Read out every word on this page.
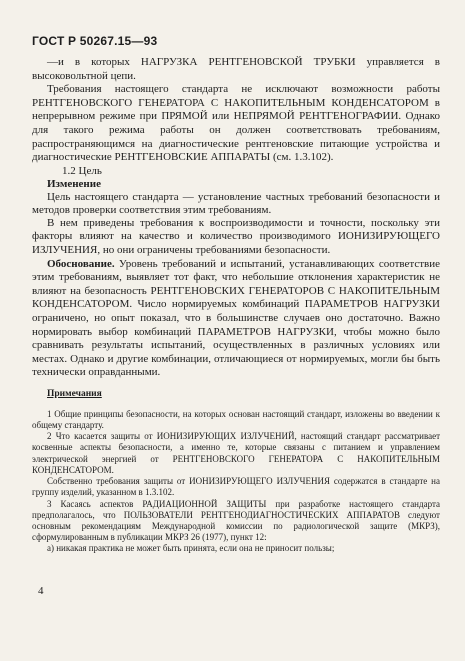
ГОСТ Р 50267.15—93

—и в которых НАГРУЗКА РЕНТГЕНОВСКОЙ ТРУБКИ управляется в высоковольтной цепи.

Требования настоящего стандарта не исключают возможности работы РЕНТГЕНОВСКОГО ГЕНЕРАТОРА С НАКОПИТЕЛЬНЫМ КОНДЕНСАТОРОМ в непрерывном режиме при ПРЯМОЙ или НЕПРЯМОЙ РЕНТГЕНОГРАФИИ. Однако для такого режима работы он должен соответствовать требованиям, распространяющимся на диагностические рентгеновские питающие устройства и диагностические РЕНТГЕНОВСКИЕ АППАРАТЫ (см. 1.3.102).

1.2 Цель

Изменение

Цель настоящего стандарта — установление частных требований безопасности и методов проверки соответствия этим требованиям.

В нем приведены требования к воспроизводимости и точности, поскольку эти факторы влияют на качество и количество производимого ИОНИЗИРУЮЩЕГО ИЗЛУЧЕНИЯ, но они ограничены требованиями безопасности.

Обоснование. Уровень требований и испытаний, устанавливающих соответствие этим требованиям, выявляет тот факт, что небольшие отклонения характеристик не влияют на безопасность РЕНТГЕНОВСКИХ ГЕНЕРАТОРОВ С НАКОПИТЕЛЬНЫМ КОНДЕНСАТОРОМ. Число нормируемых комбинаций ПАРАМЕТРОВ НАГРУЗКИ ограничено, но опыт показал, что в большинстве случаев оно достаточно. Важно нормировать выбор комбинаций ПАРАМЕТРОВ НАГРУЗКИ, чтобы можно было сравнивать результаты испытаний, осуществленных в различных условиях или местах. Однако и другие комбинации, отличающиеся от нормируемых, могли бы быть технически оправданными.

Примечания

1 Общие принципы безопасности, на которых основан настоящий стандарт, изложены во введении к общему стандарту.

2 Что касается защиты от ИОНИЗИРУЮЩИХ ИЗЛУЧЕНИЙ, настоящий стандарт рассматривает косвенные аспекты безопасности, а именно те, которые связаны с питанием и управлением электрической энергией от РЕНТГЕНОВСКОГО ГЕНЕРАТОРА С НАКОПИТЕЛЬНЫМ КОНДЕНСАТОРОМ.

Собственно требования защиты от ИОНИЗИРУЮЩЕГО ИЗЛУЧЕНИЯ содержатся в стандарте на группу изделий, указанном в 1.3.102.

3 Касаясь аспектов РАДИАЦИОННОЙ ЗАЩИТЫ при разработке настоящего стандарта предполагалось, что ПОЛЬЗОВАТЕЛИ РЕНТГЕНОДИАГНОСТИЧЕСКИХ АППАРАТОВ следуют основным рекомендациям Международной комиссии по радиологической защите (МКРЗ), сформулированным в публикации МКРЗ 26 (1977), пункт 12:

а) никакая практика не может быть принята, если она не приносит пользы;

4
